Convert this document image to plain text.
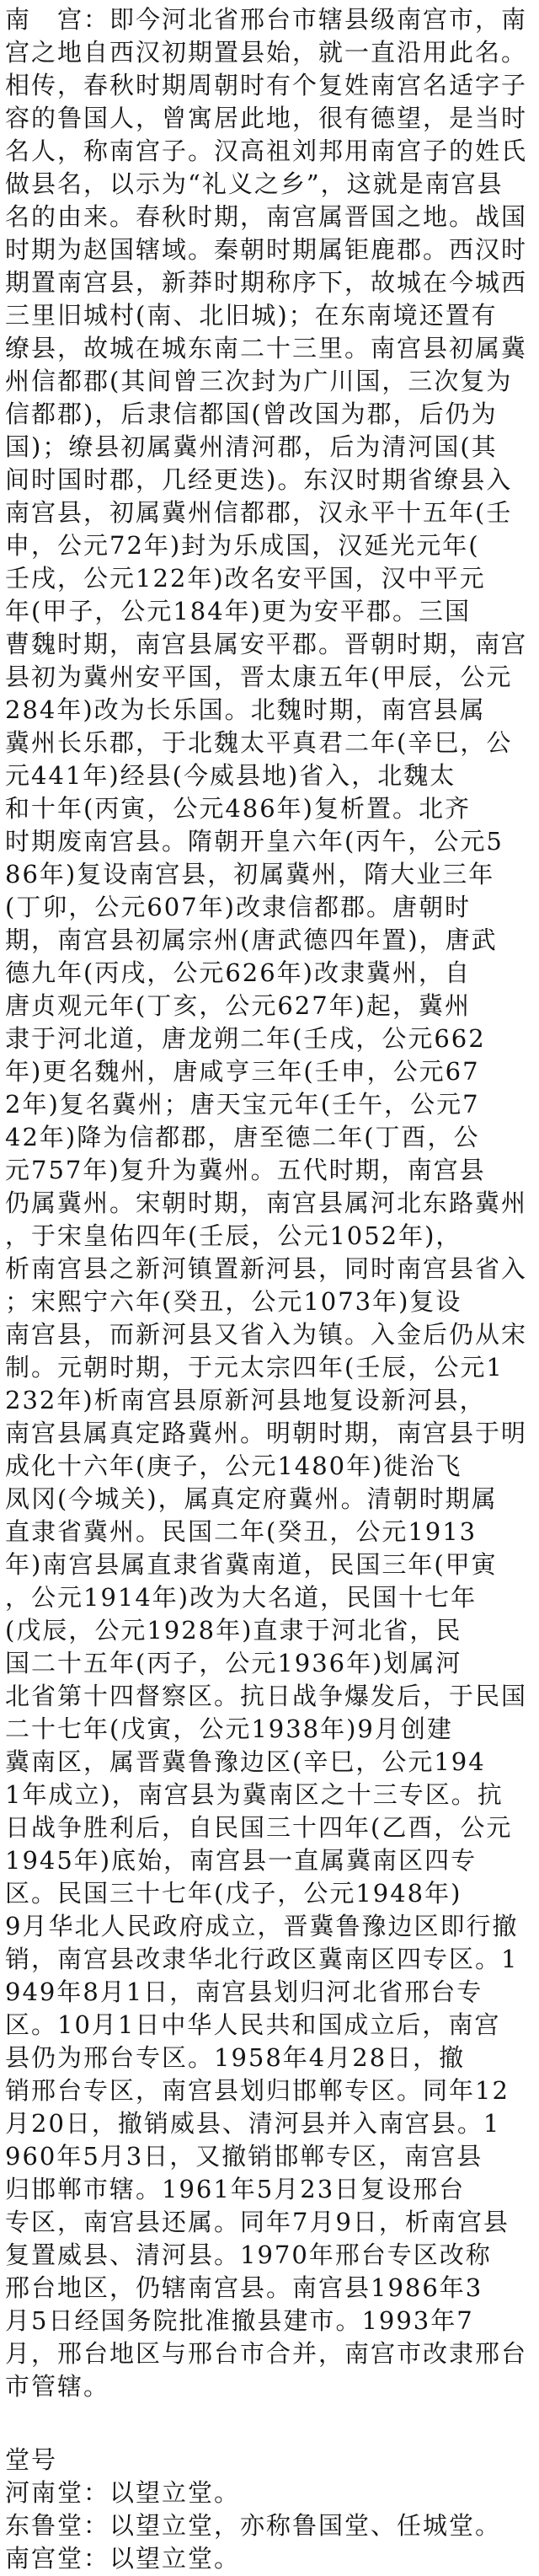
南　宫：即今河北省邢台市辖县级南宫市，南
宫之地自西汉初期置县始，就一直沿用此名。
相传，春秋时期周朝时有个复姓南宫名适字子
容的鲁国人，曾寓居此地，很有德望，是当时
名人，称南宫子。汉高祖刘邦用南宫子的姓氏
做县名，以示为“礼义之乡”，这就是南宫县
名的由来。春秋时期，南宫属晋国之地。战国
时期为赵国辖域。秦朝时期属钜鹿郡。西汉时
期置南宫县，新莽时期称序下，故城在今城西
三里旧城村(南、北旧城)；在东南境还置有
缭县，故城在城东南二十三里。南宫县初属冀
州信都郡(其间曾三次封为广川国，三次复为
信都郡)，后隶信都国(曾改国为郡，后仍为
国)；缭县初属冀州清河郡，后为清河国(其
间时国时郡，几经更迭)。东汉时期省缭县入
南宫县，初属冀州信都郡，汉永平十五年(壬
申，公元72年)封为乐成国，汉延光元年(
壬戌，公元122年)改名安平国，汉中平元
年(甲子，公元184年)更为安平郡。三国
曹魏时期，南宫县属安平郡。晋朝时期，南宫
县初为冀州安平国，晋太康五年(甲辰，公元
284年)改为长乐国。北魏时期，南宫县属
冀州长乐郡，于北魏太平真君二年(辛巳，公
元441年)经县(今威县地)省入，北魏太
和十年(丙寅，公元486年)复析置。北齐
时期废南宫县。隋朝开皇六年(丙午，公元5
86年)复设南宫县，初属冀州，隋大业三年
(丁卯，公元607年)改隶信都郡。唐朝时
期，南宫县初属宗州(唐武德四年置)，唐武
德九年(丙戌，公元626年)改隶冀州，自
唐贞观元年(丁亥，公元627年)起，冀州
隶于河北道，唐龙朔二年(壬戌，公元662
年)更名魏州，唐咸亨三年(壬申，公元67
2年)复名冀州；唐天宝元年(壬午，公元7
42年)降为信都郡，唐至德二年(丁酉，公
元757年)复升为冀州。五代时期，南宫县
仍属冀州。宋朝时期，南宫县属河北东路冀州
，于宋皇佑四年(壬辰，公元1052年)，
析南宫县之新河镇置新河县，同时南宫县省入
；宋熙宁六年(癸丑，公元1073年)复设
南宫县，而新河县又省入为镇。入金后仍从宋
制。元朝时期，于元太宗四年(壬辰，公元1
232年)析南宫县原新河县地复设新河县，
南宫县属真定路冀州。明朝时期，南宫县于明
成化十六年(庚子，公元1480年)徙治飞
凤冈(今城关)，属真定府冀州。清朝时期属
直隶省冀州。民国二年(癸丑，公元1913
年)南宫县属直隶省冀南道，民国三年(甲寅
，公元1914年)改为大名道，民国十七年
(戊辰，公元1928年)直隶于河北省，民
国二十五年(丙子，公元1936年)划属河
北省第十四督察区。抗日战争爆发后，于民国
二十七年(戊寅，公元1938年)9月创建
冀南区，属晋冀鲁豫边区(辛巳，公元194
1年成立)，南宫县为冀南区之十三专区。抗
日战争胜利后，自民国三十四年(乙酉，公元
1945年)底始，南宫县一直属冀南区四专
区。民国三十七年(戊子，公元1948年)
9月华北人民政府成立，晋冀鲁豫边区即行撤
销，南宫县改隶华北行政区冀南区四专区。1
949年8月1日，南宫县划归河北省邢台专
区。10月1日中华人民共和国成立后，南宫
县仍为邢台专区。1958年4月28日，撤
销邢台专区，南宫县划归邯郸专区。同年12
月20日，撤销威县、清河县并入南宫县。1
960年5月3日，又撤销邯郸专区，南宫县
归邯郸市辖。1961年5月23日复设邢台
专区，南宫县还属。同年7月9日，析南宫县
复置威县、清河县。1970年邢台专区改称
邢台地区，仍辖南宫县。南宫县1986年3
月5日经国务院批准撤县建市。1993年7
月，邢台地区与邢台市合并，南宫市改隶邢台
市管辖。
堂号
河南堂：以望立堂。
东鲁堂：以望立堂，亦称鲁国堂、任城堂。
南宫堂：以望立堂。
